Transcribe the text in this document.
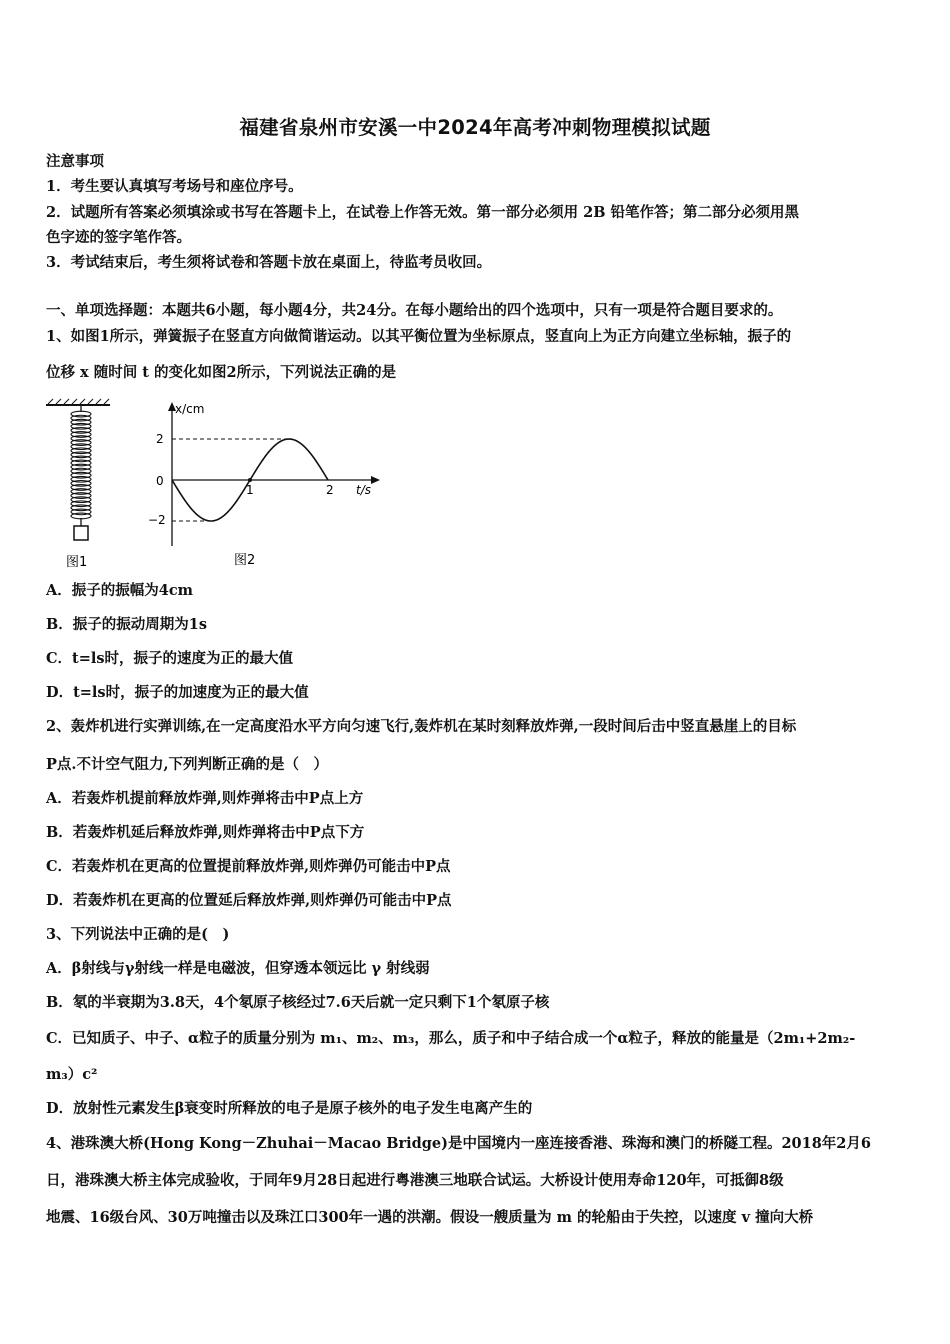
福建省泉州市安溪一中2024年高考冲刺物理模拟试题
注意事项
1．考生要认真填写考场号和座位序号。
2．试题所有答案必须填涂或书写在答题卡上，在试卷上作答无效。第一部分必须用 2B 铅笔作答；第二部分必须用黑
色字迹的签字笔作答。
3．考试结束后，考生须将试卷和答题卡放在桌面上，待监考员收回。
一、单项选择题：本题共6小题，每小题4分，共24分。在每小题给出的四个选项中，只有一项是符合题目要求的。
1、如图1所示，弹簧振子在竖直方向做简谐运动。以其平衡位置为坐标原点，竖直向上为正方向建立坐标轴，振子的
位移 x 随时间 t 的变化如图2所示，下列说法正确的是
图1
x/cm
t/s
2
0
−2
1	2
图2
A．振子的振幅为4cm
B．振子的振动周期为1s
C．t=ls时，振子的速度为正的最大值
D．t=ls时，振子的加速度为正的最大值
2、轰炸机进行实弹训练,在一定高度沿水平方向匀速飞行,轰炸机在某时刻释放炸弹,一段时间后击中竖直悬崖上的目标
P点.不计空气阻力,下列判断正确的是（　）
A．若轰炸机提前释放炸弹,则炸弹将击中P点上方
B．若轰炸机延后释放炸弹,则炸弹将击中P点下方
C．若轰炸机在更高的位置提前释放炸弹,则炸弹仍可能击中P点
D．若轰炸机在更高的位置延后释放炸弹,则炸弹仍可能击中P点
3、下列说法中正确的是(　)
A．β射线与γ射线一样是电磁波，但穿透本领远比 γ 射线弱
B．氡的半衰期为3.8天，4个氡原子核经过7.6天后就一定只剩下1个氡原子核
C．已知质子、中子、α粒子的质量分别为 m₁、m₂、m₃，那么，质子和中子结合成一个α粒子，释放的能量是（2m₁+2m₂-
m₃）c²
D．放射性元素发生β衰变时所释放的电子是原子核外的电子发生电离产生的
4、港珠澳大桥(Hong Kong－Zhuhai－Macao Bridge)是中国境内一座连接香港、珠海和澳门的桥隧工程。2018年2月6
日，港珠澳大桥主体完成验收，于同年9月28日起进行粤港澳三地联合试运。大桥设计使用寿命120年，可抵御8级
地震、16级台风、30万吨撞击以及珠江口300年一遇的洪潮。假设一艘质量为 m 的轮船由于失控，以速度 v 撞向大桥
